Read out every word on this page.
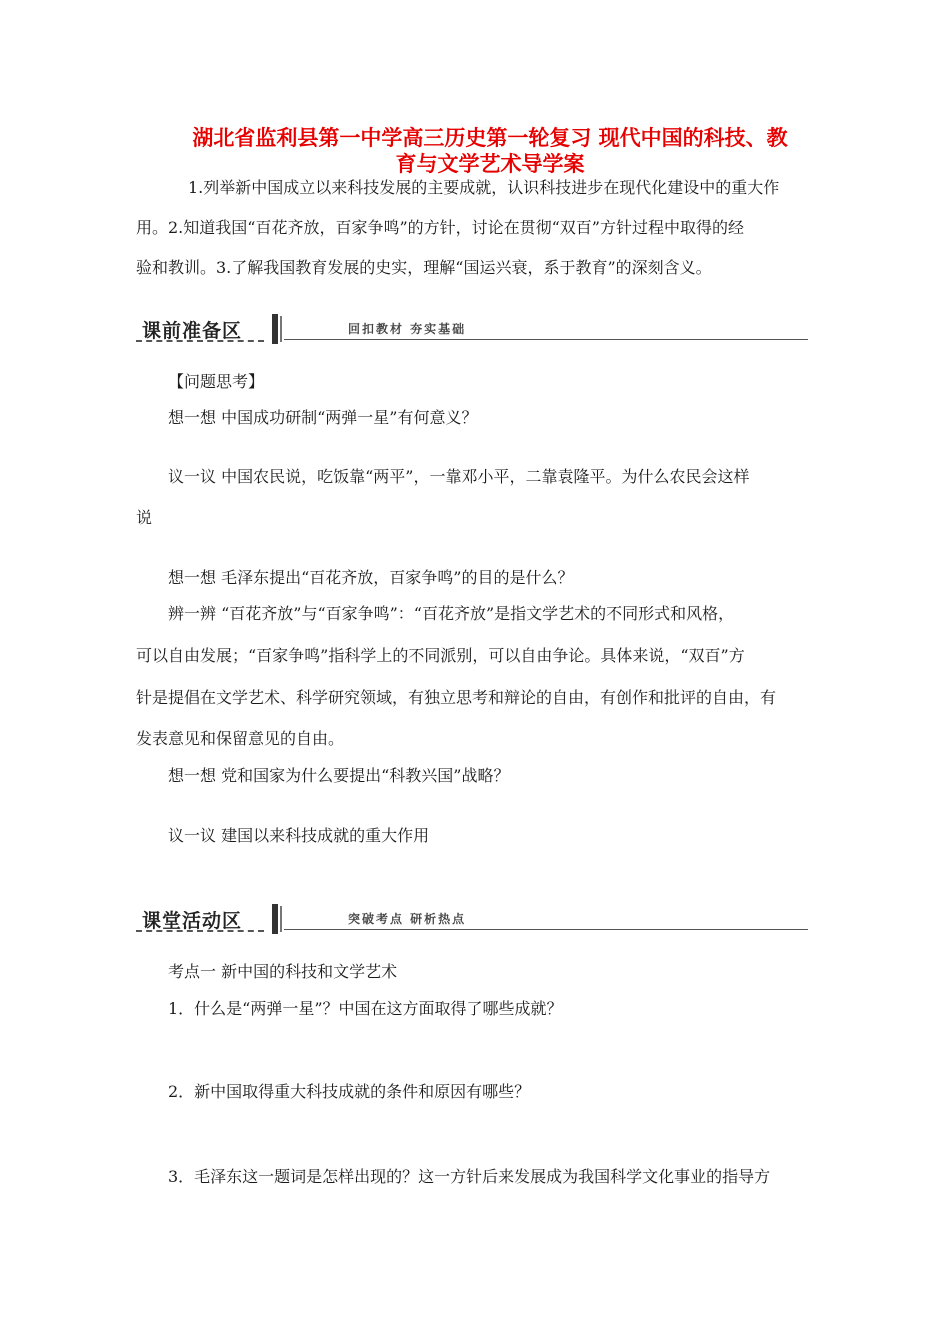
湖北省监利县第一中学高三历史第一轮复习 现代中国的科技、教
育与文学艺术导学案
1.列举新中国成立以来科技发展的主要成就，认识科技进步在现代化建设中的重大作
用。2.知道我国“百花齐放，百家争鸣”的方针，讨论在贯彻“双百”方针过程中取得的经
验和教训。3.了解我国教育发展的史实，理解“国运兴衰，系于教育”的深刻含义。
课前准备区	回扣教材 夯实基础
【问题思考】
想一想 中国成功研制“两弹一星”有何意义？
议一议 中国农民说，吃饭靠“两平”，一靠邓小平，二靠袁隆平。为什么农民会这样
说
想一想 毛泽东提出“百花齐放，百家争鸣”的目的是什么？
辨一辨 “百花齐放”与“百家争鸣”：“百花齐放”是指文学艺术的不同形式和风格，
可以自由发展；“百家争鸣”指科学上的不同派别，可以自由争论。具体来说，“双百”方
针是提倡在文学艺术、科学研究领域，有独立思考和辩论的自由，有创作和批评的自由，有
发表意见和保留意见的自由。
想一想 党和国家为什么要提出“科教兴国”战略？
议一议 建国以来科技成就的重大作用
课堂活动区	突破考点 研析热点
考点一 新中国的科技和文学艺术
1．什么是“两弹一星”？中国在这方面取得了哪些成就？
2．新中国取得重大科技成就的条件和原因有哪些？
3．毛泽东这一题词是怎样出现的？这一方针后来发展成为我国科学文化事业的指导方
